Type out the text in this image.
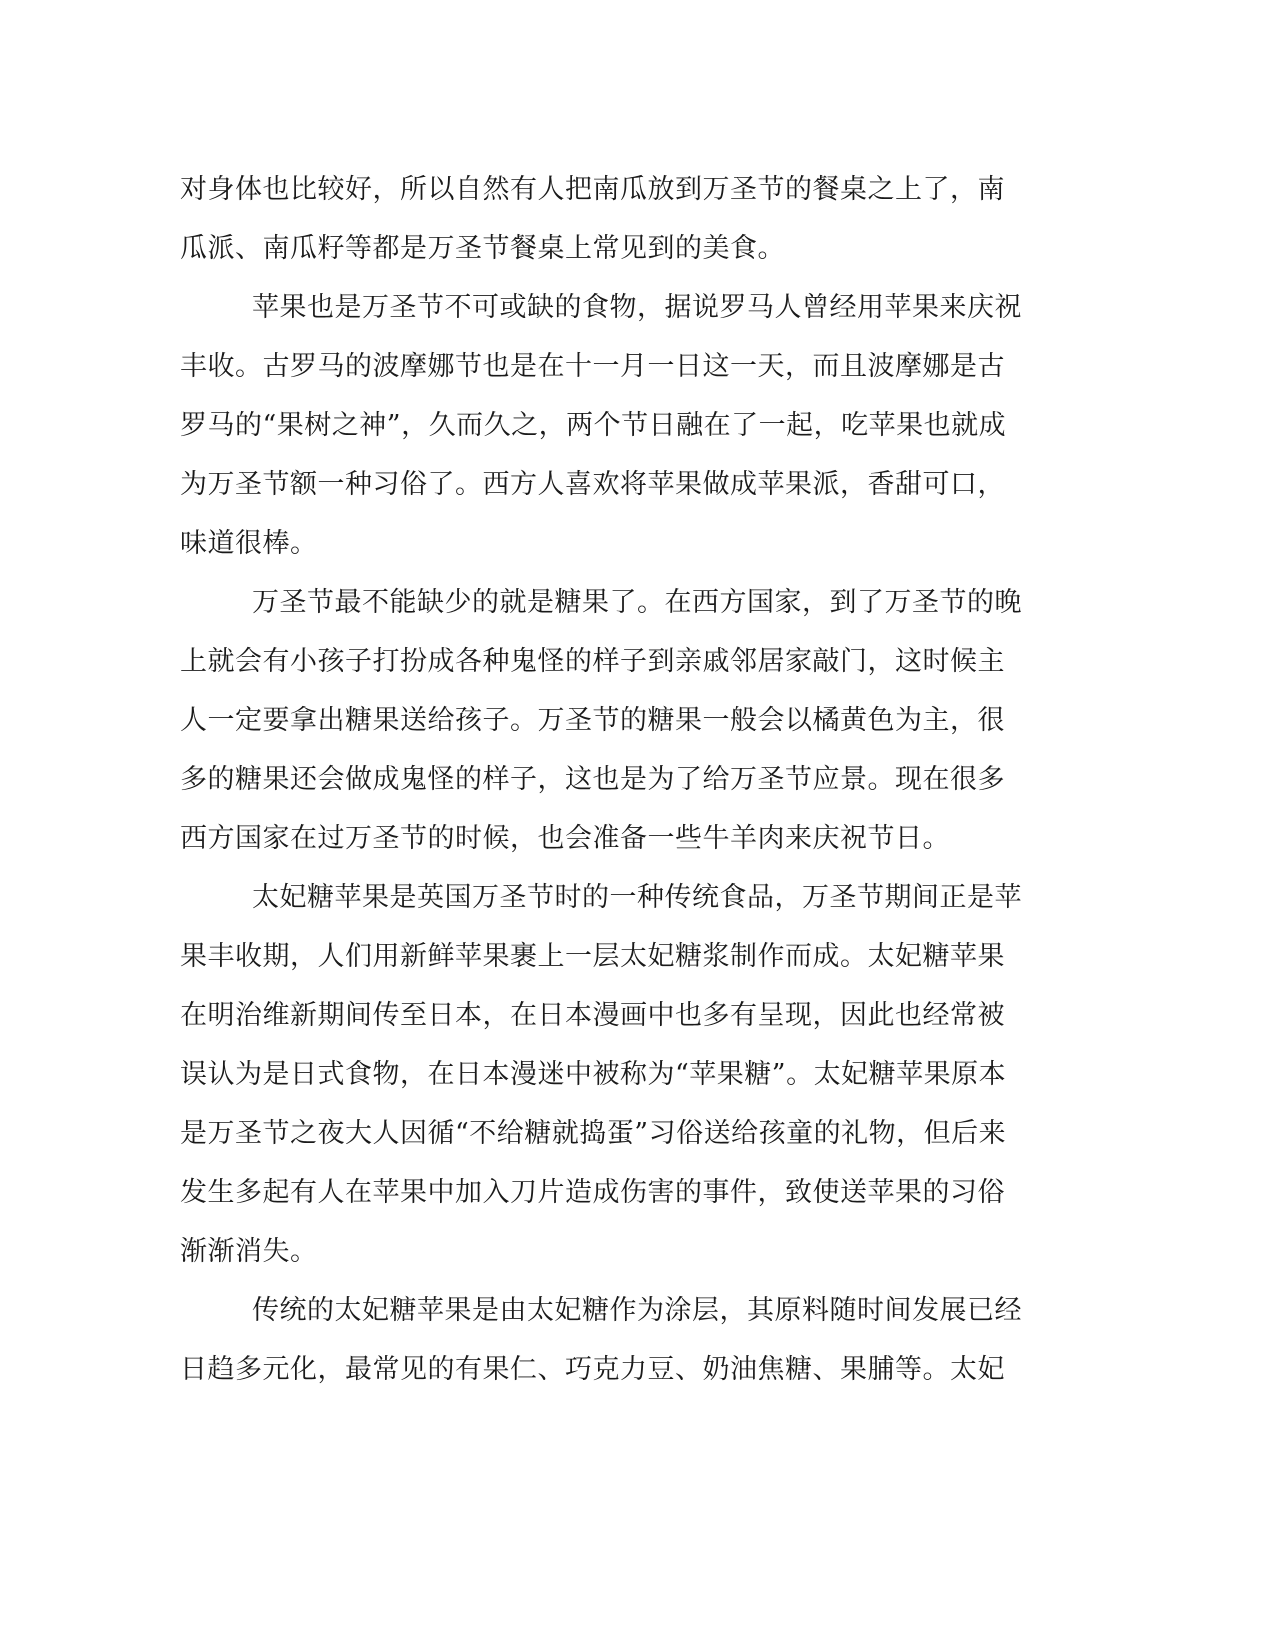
对身体也比较好，所以自然有人把南瓜放到万圣节的餐桌之上了，南
瓜派、南瓜籽等都是万圣节餐桌上常见到的美食。
苹果也是万圣节不可或缺的食物，据说罗马人曾经用苹果来庆祝
丰收。古罗马的波摩娜节也是在十一月一日这一天，而且波摩娜是古
罗马的“果树之神”，久而久之，两个节日融在了一起，吃苹果也就成
为万圣节额一种习俗了。西方人喜欢将苹果做成苹果派，香甜可口，
味道很棒。
万圣节最不能缺少的就是糖果了。在西方国家，到了万圣节的晚
上就会有小孩子打扮成各种鬼怪的样子到亲戚邻居家敲门，这时候主
人一定要拿出糖果送给孩子。万圣节的糖果一般会以橘黄色为主，很
多的糖果还会做成鬼怪的样子，这也是为了给万圣节应景。现在很多
西方国家在过万圣节的时候，也会准备一些牛羊肉来庆祝节日。
太妃糖苹果是英国万圣节时的一种传统食品，万圣节期间正是苹
果丰收期，人们用新鲜苹果裹上一层太妃糖浆制作而成。太妃糖苹果
在明治维新期间传至日本，在日本漫画中也多有呈现，因此也经常被
误认为是日式食物，在日本漫迷中被称为“苹果糖”。太妃糖苹果原本
是万圣节之夜大人因循“不给糖就捣蛋”习俗送给孩童的礼物，但后来
发生多起有人在苹果中加入刀片造成伤害的事件，致使送苹果的习俗
渐渐消失。
传统的太妃糖苹果是由太妃糖作为涂层，其原料随时间发展已经
日趋多元化，最常见的有果仁、巧克力豆、奶油焦糖、果脯等。太妃
